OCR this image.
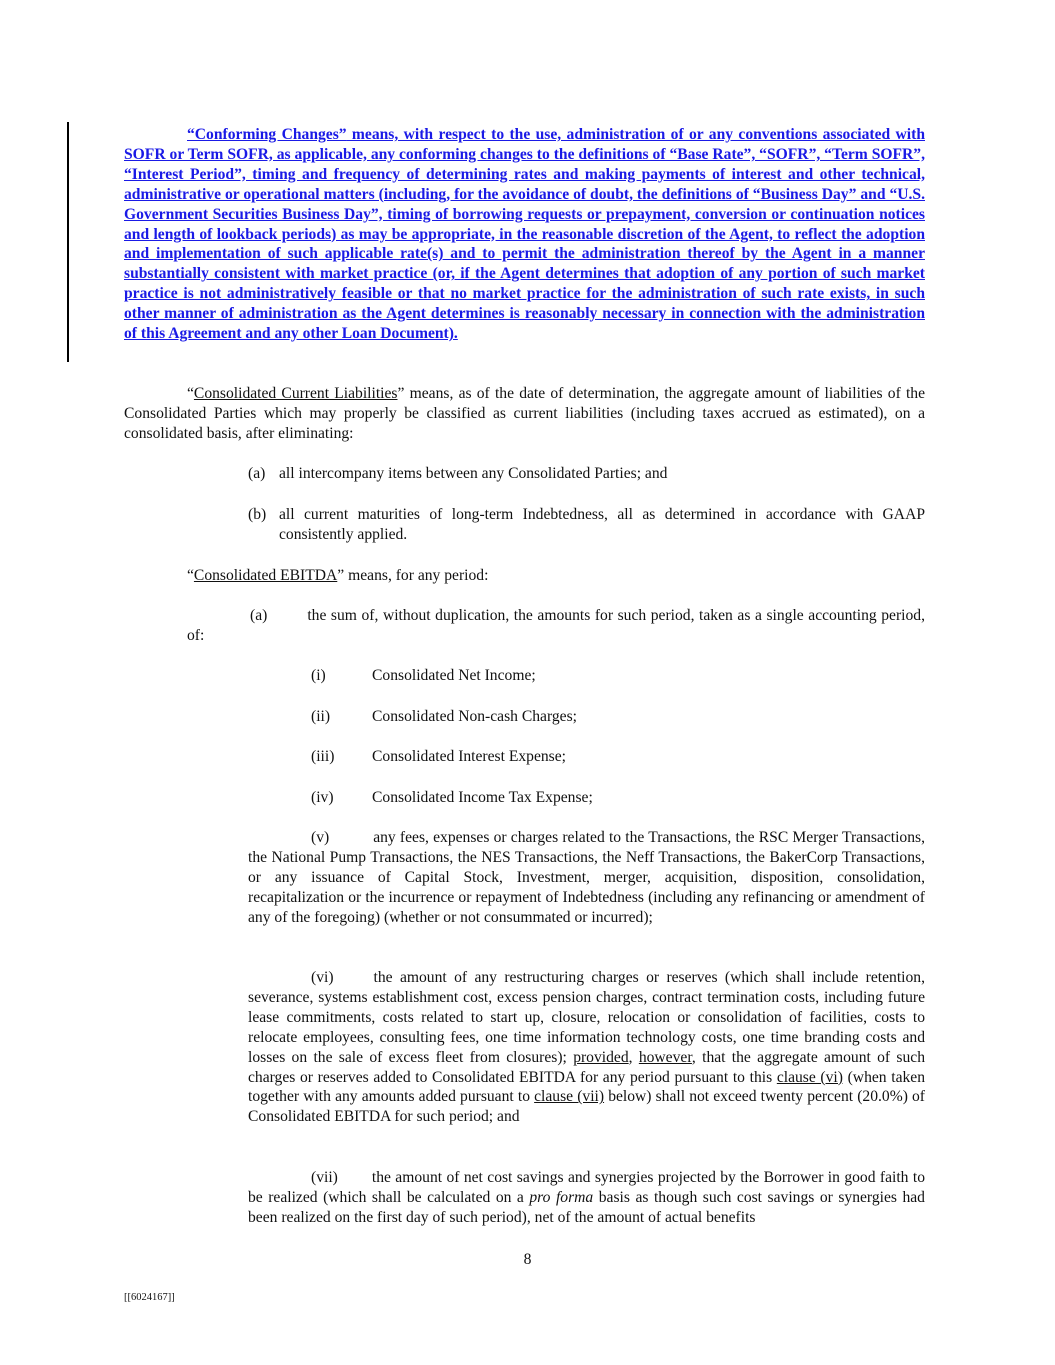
“Conforming Changes” means, with respect to the use, administration of or any conventions associated with SOFR or Term SOFR, as applicable, any conforming changes to the definitions of “Base Rate”, “SOFR”, “Term SOFR”, “Interest Period”, timing and frequency of determining rates and making payments of interest and other technical, administrative or operational matters (including, for the avoidance of doubt, the definitions of “Business Day” and “U.S. Government Securities Business Day”, timing of borrowing requests or prepayment, conversion or continuation notices and length of lookback periods) as may be appropriate, in the reasonable discretion of the Agent, to reflect the adoption and implementation of such applicable rate(s) and to permit the administration thereof by the Agent in a manner substantially consistent with market practice (or, if the Agent determines that adoption of any portion of such market practice is not administratively feasible or that no market practice for the administration of such rate exists, in such other manner of administration as the Agent determines is reasonably necessary in connection with the administration of this Agreement and any other Loan Document).

“Consolidated Current Liabilities” means, as of the date of determination, the aggregate amount of liabilities of the Consolidated Parties which may properly be classified as current liabilities (including taxes accrued as estimated), on a consolidated basis, after eliminating:

(a) all intercompany items between any Consolidated Parties; and
(b) all current maturities of long-term Indebtedness, all as determined in accordance with GAAP consistently applied.

“Consolidated EBITDA” means, for any period:

(a)	the sum of, without duplication, the amounts for such period, taken as a single accounting period, of:

(i)	Consolidated Net Income;
(ii)	Consolidated Non-cash Charges;
(iii) Consolidated Interest Expense;
(iv) Consolidated Income Tax Expense;

(v)	any fees, expenses or charges related to the Transactions, the RSC Merger Transactions, the National Pump Transactions, the NES Transactions, the Neff Transactions, the BakerCorp Transactions, or any issuance of Capital Stock, Investment, merger, acquisition, disposition, consolidation, recapitalization or the incurrence or repayment of Indebtedness (including any refinancing or amendment of any of the foregoing) (whether or not consummated or incurred);

(vi)	the amount of any restructuring charges or reserves (which shall include retention, severance, systems establishment cost, excess pension charges, contract termination costs, including future lease commitments, costs related to start up, closure, relocation or consolidation of facilities, costs to relocate employees, consulting fees, one time information technology costs, one time branding costs and losses on the sale of excess fleet from closures); provided, however, that the aggregate amount of such charges or reserves added to Consolidated EBITDA for any period pursuant to this clause (vi) (when taken together with any amounts added pursuant to clause (vii) below) shall not exceed twenty percent (20.0%) of Consolidated EBITDA for such period; and

(vii) the amount of net cost savings and synergies projected by the Borrower in good faith to be realized (which shall be calculated on a pro forma basis as though such cost savings or synergies had been realized on the first day of such period), net of the amount of actual benefits

8
[[6024167]]
